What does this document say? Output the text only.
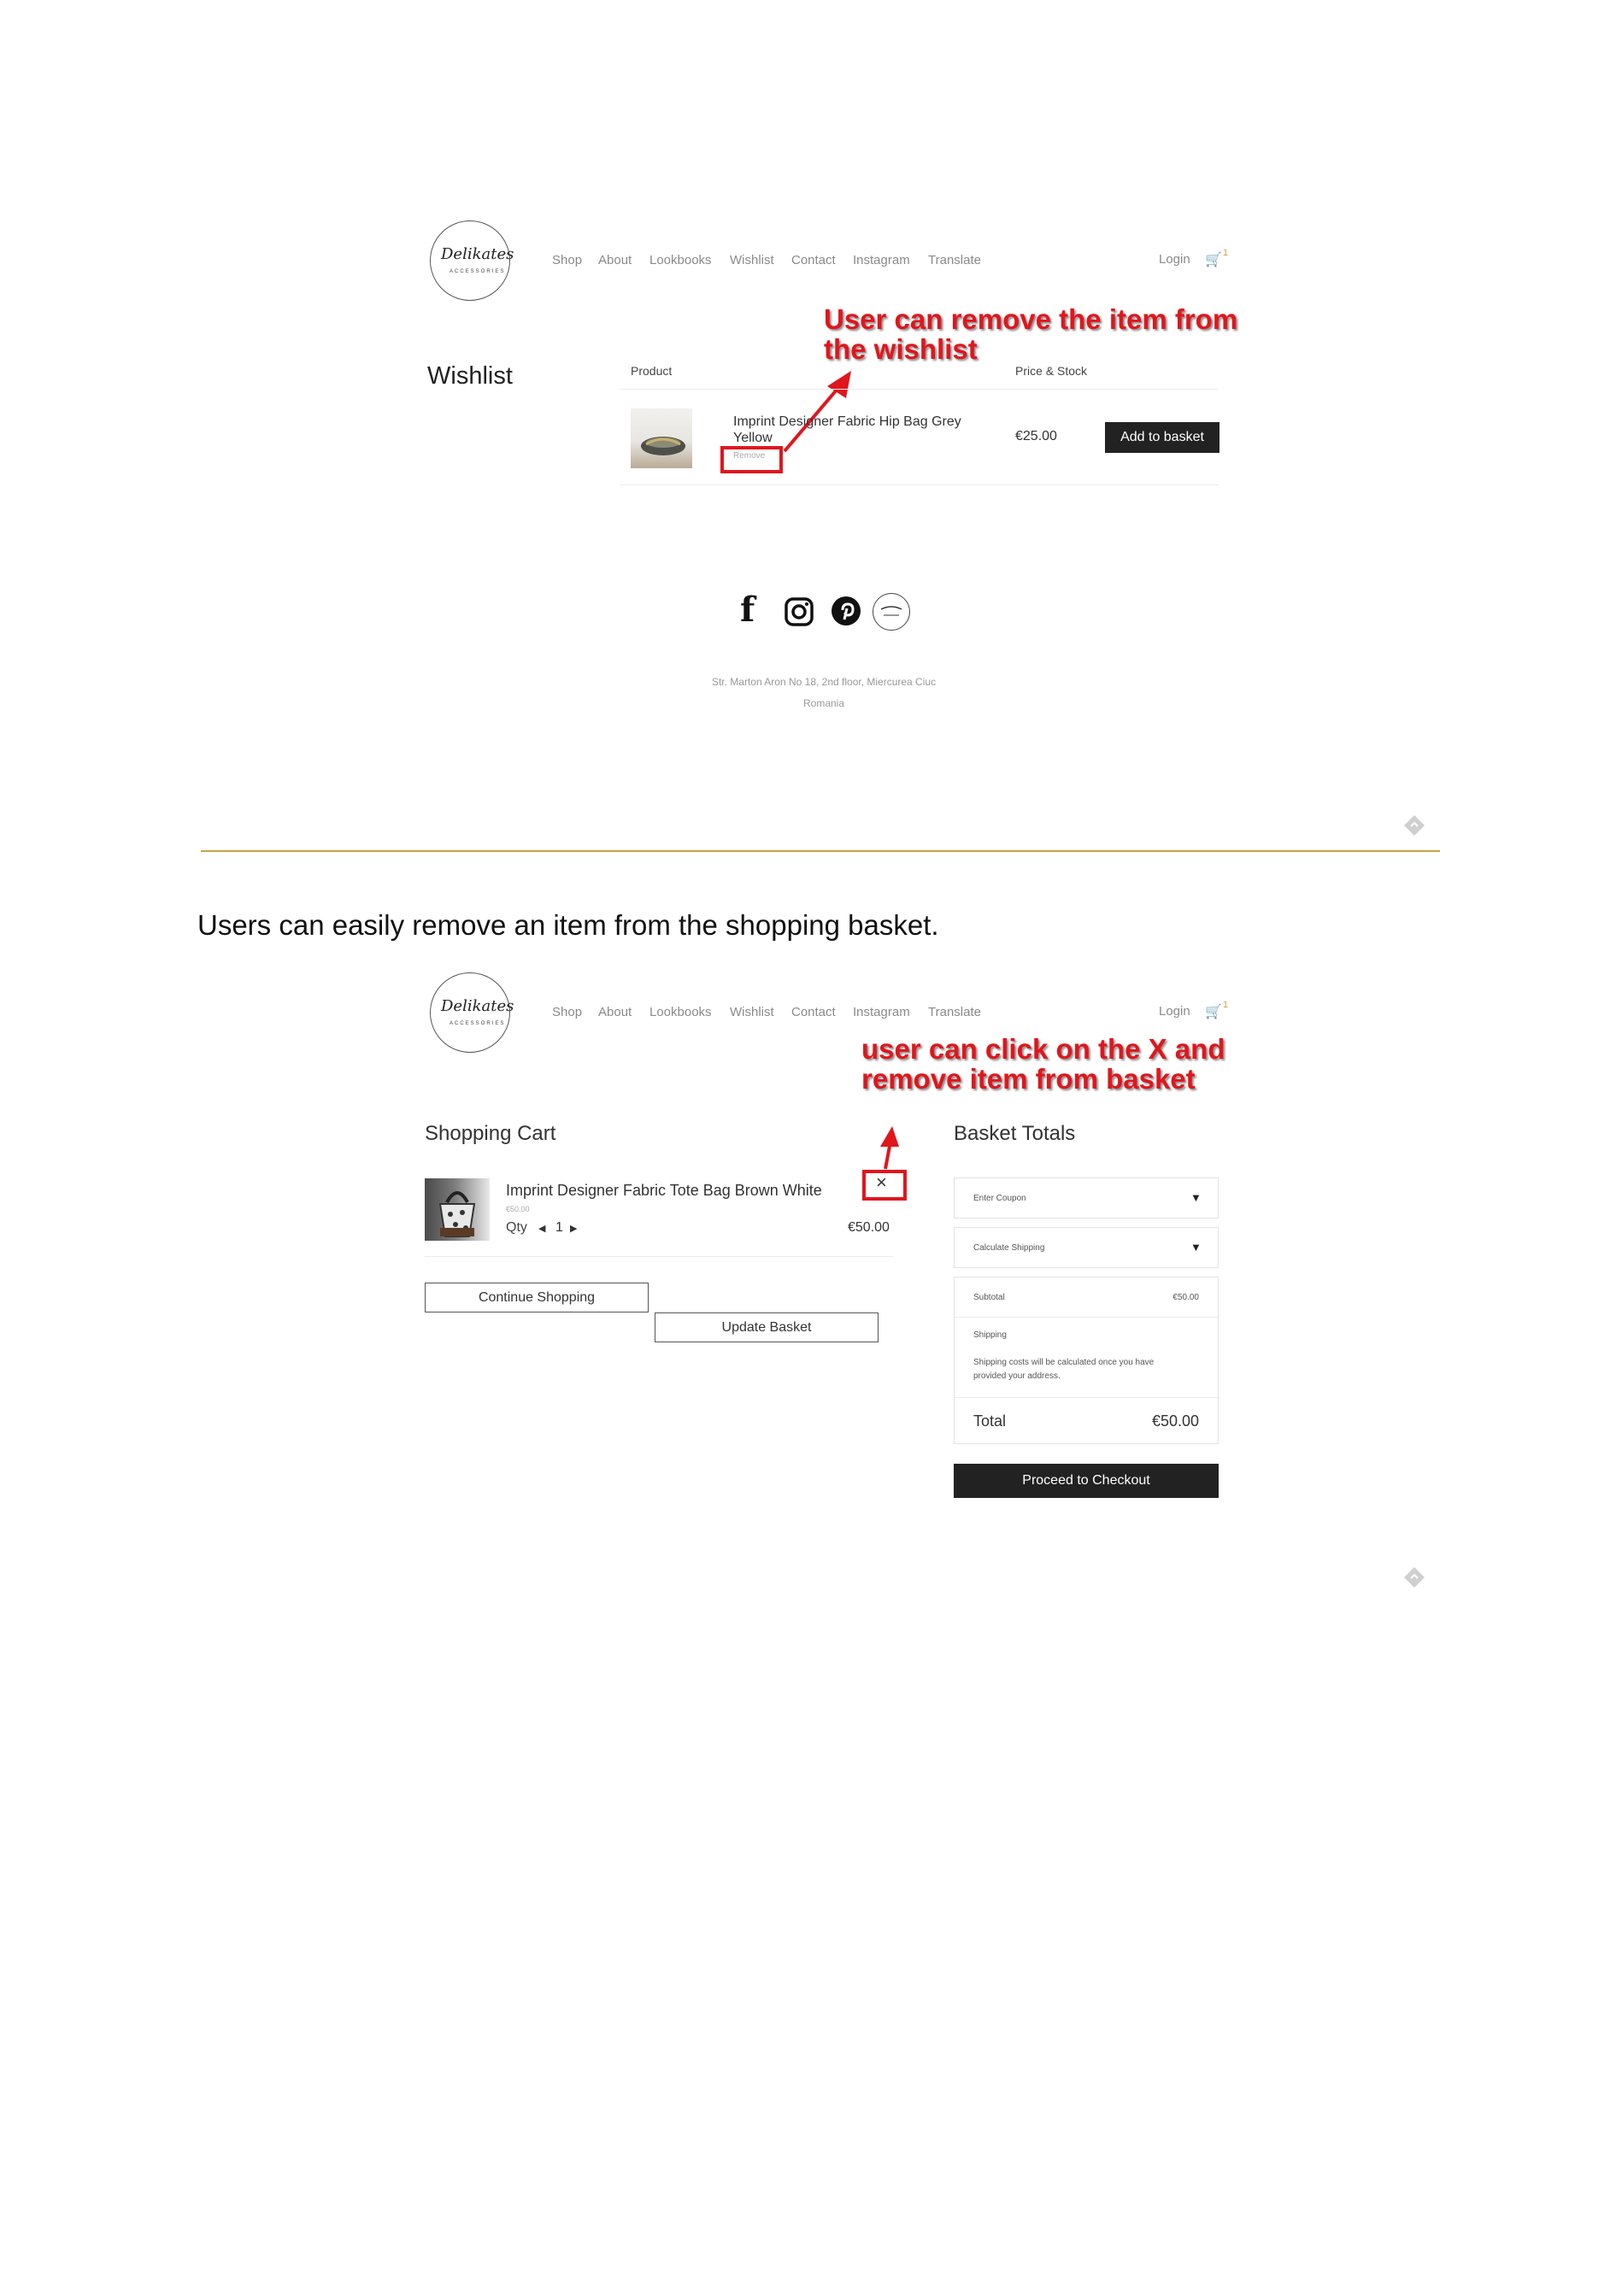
Delikates
ACCESSORIES
Shop About Lookbooks Wishlist Contact Instagram Translate	Login 🛒 1
User can remove the item from
the wishlist
Wishlist	Product	Price & Stock
Imprint Designer Fabric Hip Bag Grey Yellow
Remove
€25.00	Add to basket
f
Str. Marton Aron No 18, 2nd floor, Miercurea Ciuc
Romania
Users can easily remove an item from the shopping basket.
Delikates
ACCESSORIES
Shop About Lookbooks Wishlist Contact Instagram Translate	Login 🛒 1
user can click on the X and
remove item from basket
Shopping Cart
Imprint Designer Fabric Tote Bag Brown White
€50.00
Qty ◀ 1 ▶	€50.00
×
Continue Shopping
Update Basket
Basket Totals
Enter Coupon	▼
Calculate Shipping	▼
Subtotal	€50.00
Shipping
Shipping costs will be calculated once you have
provided your address.
Total	€50.00
Proceed to Checkout
